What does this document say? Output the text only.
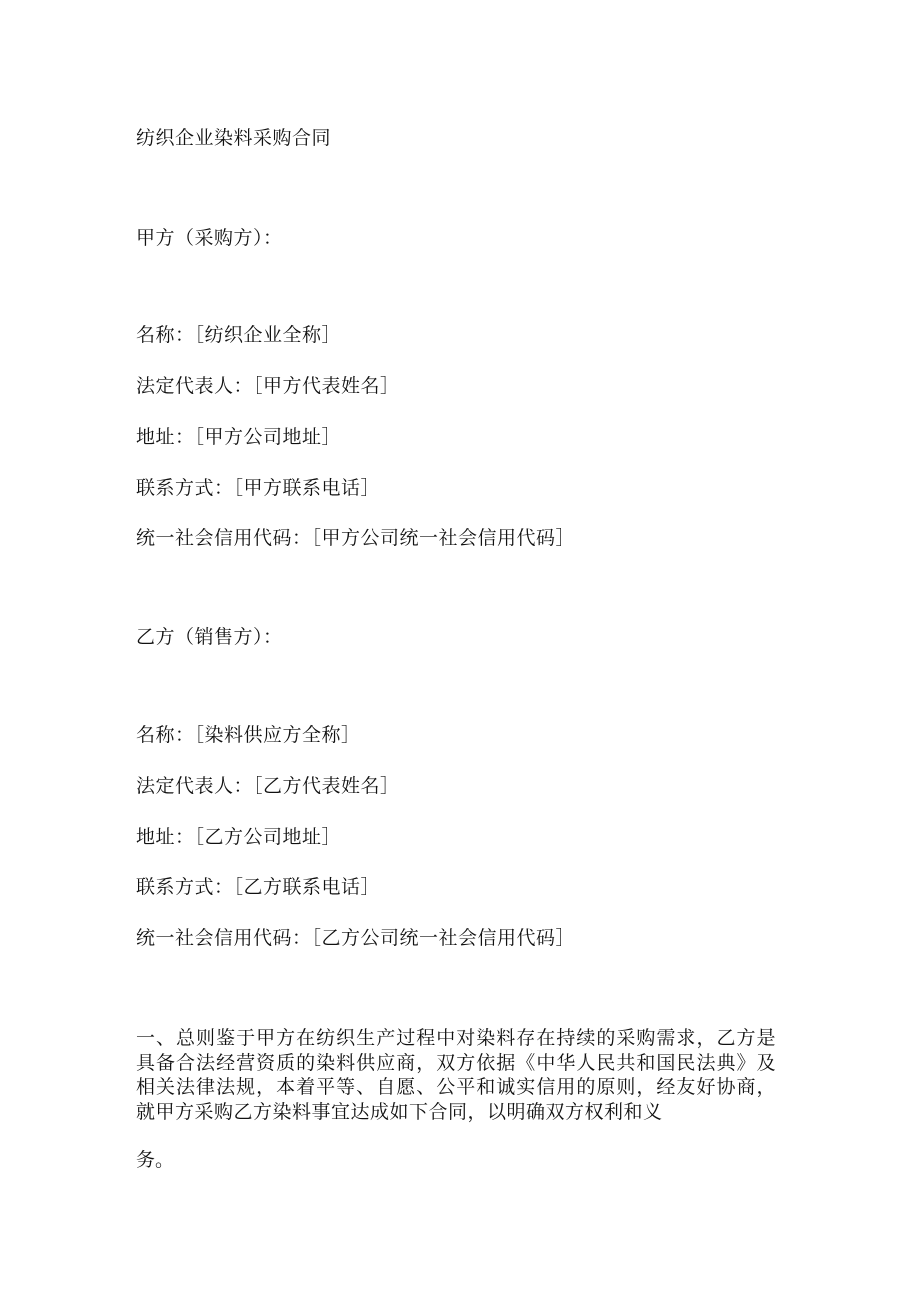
纺织企业染料采购合同
甲方（采购方）：
名称：［纺织企业全称］
法定代表人：［甲方代表姓名］
地址：［甲方公司地址］
联系方式：［甲方联系电话］
统一社会信用代码：［甲方公司统一社会信用代码］
乙方（销售方）：
名称：［染料供应方全称］
法定代表人：［乙方代表姓名］
地址：［乙方公司地址］
联系方式：［乙方联系电话］
统一社会信用代码：［乙方公司统一社会信用代码］
一、总则鉴于甲方在纺织生产过程中对染料存在持续的采购需求，乙方是具备合法经营资质的染料供应商，双方依据《中华人民共和国民法典》及相关法律法规，本着平等、自愿、公平和诚实信用的原则，经友好协商，就甲方采购乙方染料事宜达成如下合同，以明确双方权利和义
务。
